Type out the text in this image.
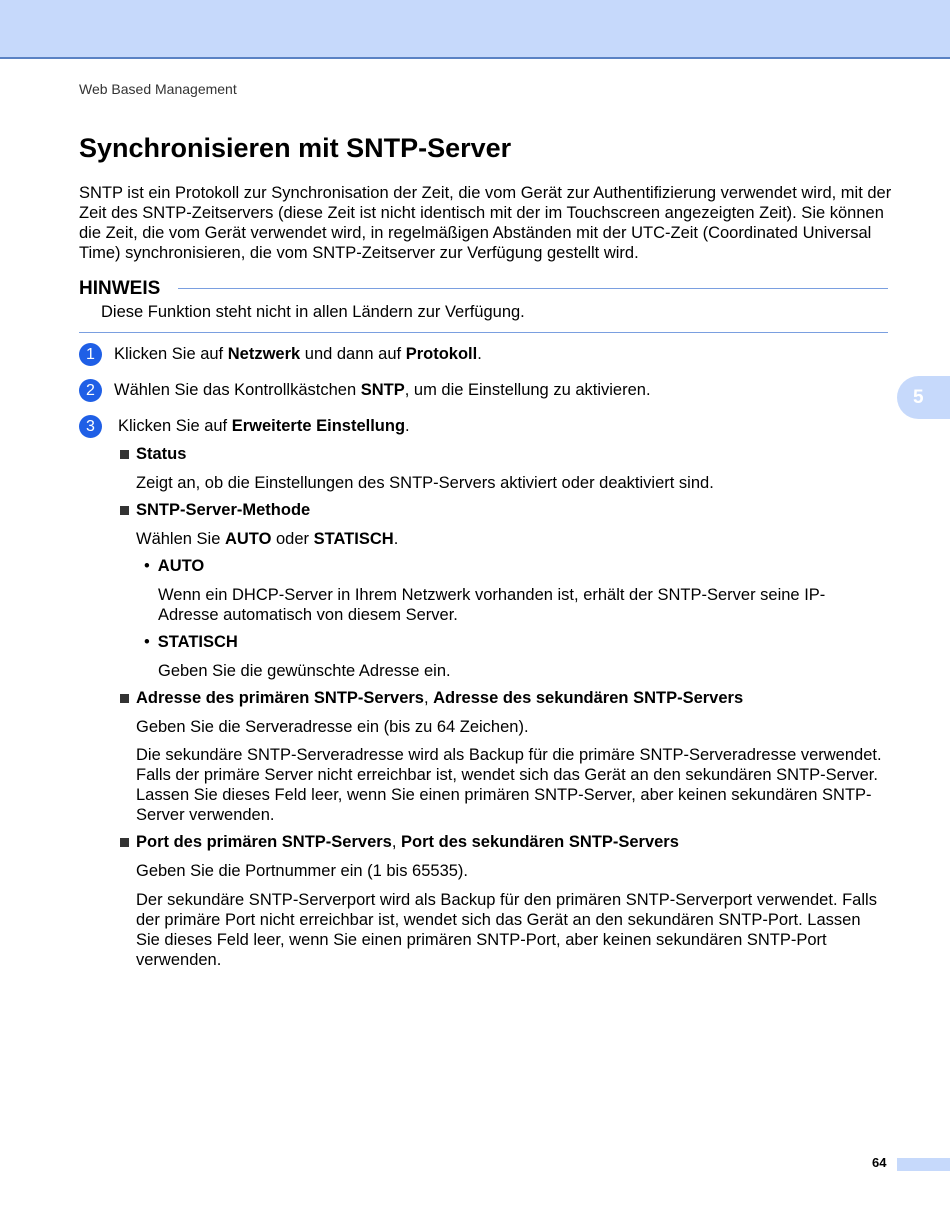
Web Based Management
Synchronisieren mit SNTP-Server

SNTP ist ein Protokoll zur Synchronisation der Zeit, die vom Gerät zur Authentifizierung verwendet wird, mit der Zeit des SNTP-Zeitservers (diese Zeit ist nicht identisch mit der im Touchscreen angezeigten Zeit). Sie können die Zeit, die vom Gerät verwendet wird, in regelmäßigen Abständen mit der UTC-Zeit (Coordinated Universal Time) synchronisieren, die vom SNTP-Zeitserver zur Verfügung gestellt wird.

HINWEIS
Diese Funktion steht nicht in allen Ländern zur Verfügung.
1	Klicken Sie auf Netzwerk und dann auf Protokoll.
2	Wählen Sie das Kontrollkästchen SNTP, um die Einstellung zu aktivieren.
3	Klicken Sie auf Erweiterte Einstellung.
Status

Zeigt an, ob die Einstellungen des SNTP-Servers aktiviert oder deaktiviert sind.

SNTP-Server-Methode

Wählen Sie AUTO oder STATISCH.

• AUTO

Wenn ein DHCP-Server in Ihrem Netzwerk vorhanden ist, erhält der SNTP-Server seine IP-Adresse automatisch von diesem Server.

• STATISCH

Geben Sie die gewünschte Adresse ein.

Adresse des primären SNTP-Servers, Adresse des sekundären SNTP-Servers

Geben Sie die Serveradresse ein (bis zu 64 Zeichen).

Die sekundäre SNTP-Serveradresse wird als Backup für die primäre SNTP-Serveradresse verwendet. Falls der primäre Server nicht erreichbar ist, wendet sich das Gerät an den sekundären SNTP-Server. Lassen Sie dieses Feld leer, wenn Sie einen primären SNTP-Server, aber keinen sekundären SNTP-Server verwenden.

Port des primären SNTP-Servers, Port des sekundären SNTP-Servers

Geben Sie die Portnummer ein (1 bis 65535).

Der sekundäre SNTP-Serverport wird als Backup für den primären SNTP-Serverport verwendet. Falls der primäre Port nicht erreichbar ist, wendet sich das Gerät an den sekundären SNTP-Port. Lassen Sie dieses Feld leer, wenn Sie einen primären SNTP-Port, aber keinen sekundären SNTP-Port verwenden.

5
64
